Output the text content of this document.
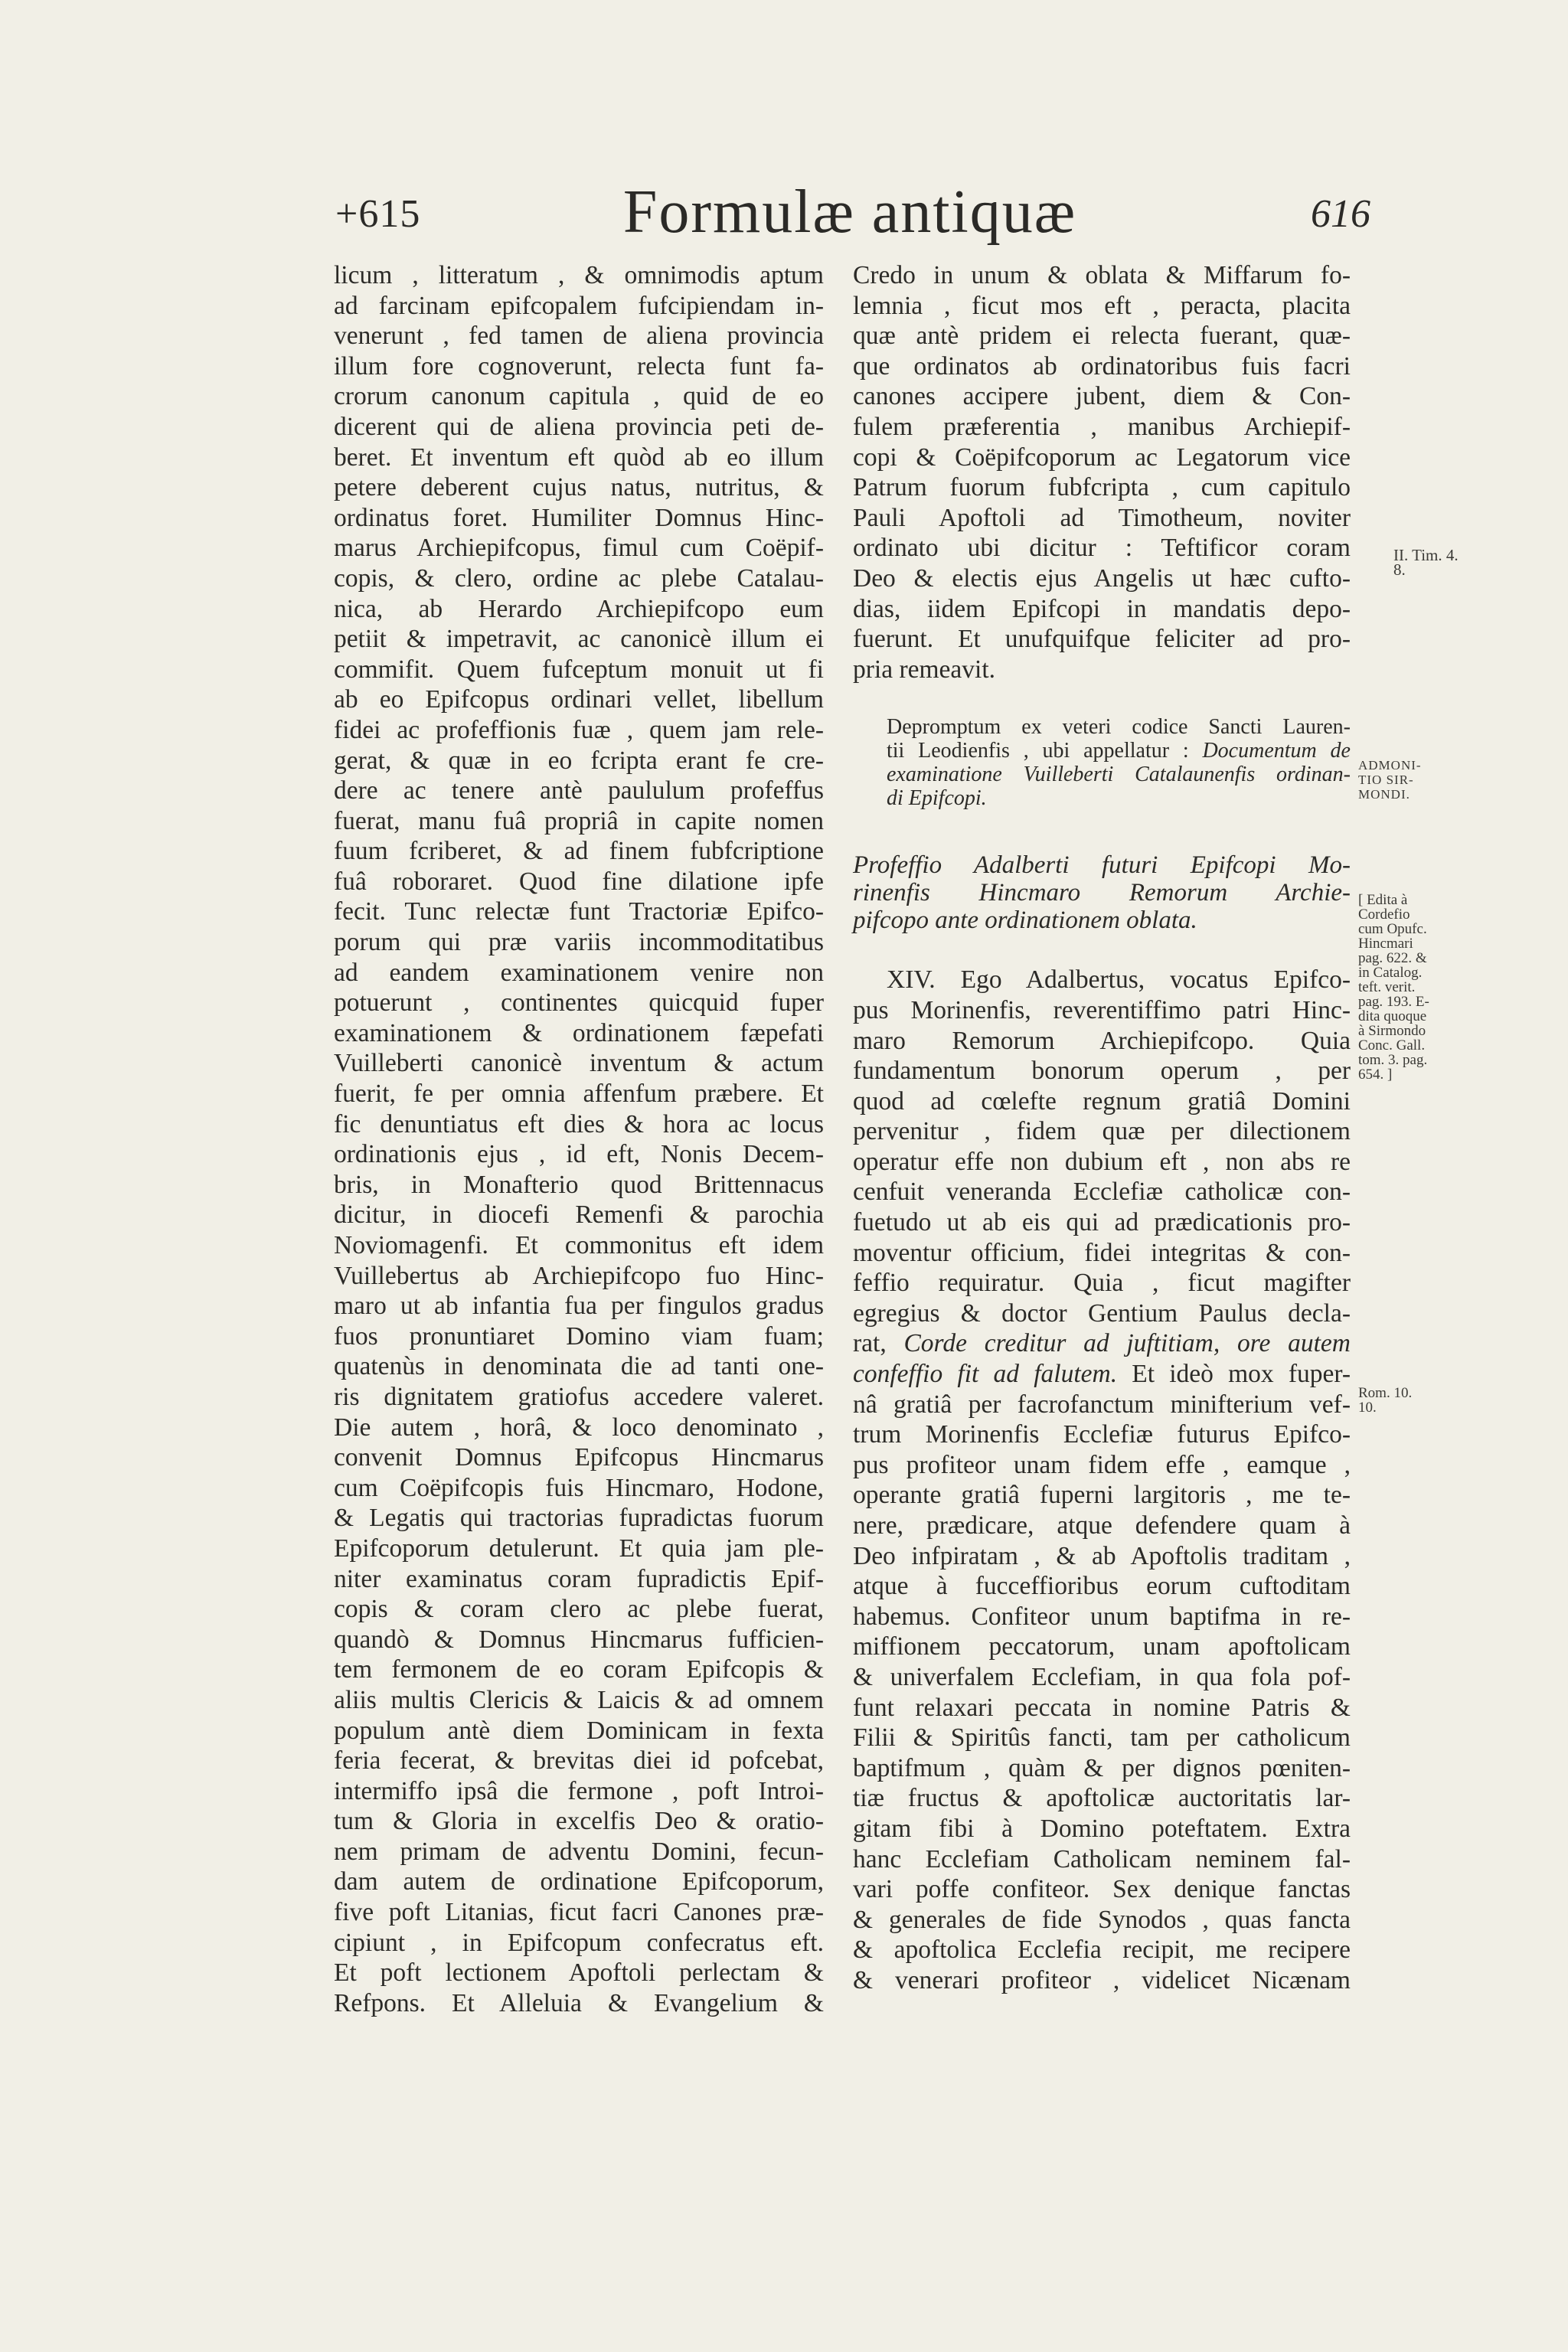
+615	Formulæ antiquæ	616

licum , litteratum , & omnimodis aptum
ad farcinam epifcopalem fufcipiendam in-
venerunt , fed tamen de aliena provincia
illum fore cognoverunt, relecta funt fa-
crorum canonum capitula , quid de eo
dicerent qui de aliena provincia peti de-
beret. Et inventum eft quòd ab eo illum
petere deberent cujus natus, nutritus, &
ordinatus foret. Humiliter Domnus Hinc-
marus Archiepifcopus, fimul cum Coëpif-
copis, & clero, ordine ac plebe Catalau-
nica, ab Herardo Archiepifcopo eum
petiit & impetravit, ac canonicè illum ei
commifit. Quem fufceptum monuit ut fi
ab eo Epifcopus ordinari vellet, libellum
fidei ac profeffionis fuæ , quem jam rele-
gerat, & quæ in eo fcripta erant fe cre-
dere ac tenere antè paululum profeffus
fuerat, manu fuâ propriâ in capite nomen
fuum fcriberet, & ad finem fubfcriptione
fuâ roboraret. Quod fine dilatione ipfe
fecit. Tunc relectæ funt Tractoriæ Epifco-
porum qui præ variis incommoditatibus
ad eandem examinationem venire non
potuerunt , continentes quicquid fuper
examinationem & ordinationem fæpefati
Vuilleberti canonicè inventum & actum
fuerit, fe per omnia affenfum præbere. Et
fic denuntiatus eft dies & hora ac locus
ordinationis ejus , id eft, Nonis Decem-
bris, in Monafterio quod Brittennacus
dicitur, in diocefi Remenfi & parochia
Noviomagenfi. Et commonitus eft idem
Vuillebertus ab Archiepifcopo fuo Hinc-
maro ut ab infantia fua per fingulos gradus
fuos pronuntiaret Domino viam fuam;
quatenùs in denominata die ad tanti one-
ris dignitatem gratiofus accedere valeret.
Die autem , horâ, & loco denominato ,
convenit Domnus Epifcopus Hincmarus
cum Coëpifcopis fuis Hincmaro, Hodone,
& Legatis qui tractorias fupradictas fuorum
Epifcoporum detulerunt. Et quia jam ple-
niter examinatus coram fupradictis Epif-
copis & coram clero ac plebe fuerat,
quandò & Domnus Hincmarus fufficien-
tem fermonem de eo coram Epifcopis &
aliis multis Clericis & Laicis & ad omnem
populum antè diem Dominicam in fexta
feria fecerat, & brevitas diei id pofcebat,
intermiffo ipsâ die fermone , poft Introi-
tum & Gloria in excelfis Deo & oratio-
nem primam de adventu Domini, fecun-
dam autem de ordinatione Epifcoporum,
five poft Litanias, ficut facri Canones præ-
cipiunt , in Epifcopum confecratus eft.
Et poft lectionem Apoftoli perlectam &
Refpons. Et Alleluia & Evangelium &

Credo in unum & oblata & Miffarum fo-
lemnia , ficut mos eft , peracta, placita
quæ antè pridem ei relecta fuerant, quæ-
que ordinatos ab ordinatoribus fuis facri
canones accipere jubent, diem & Con-
fulem præferentia , manibus Archiepif-
copi & Coëpifcoporum ac Legatorum vice
Patrum fuorum fubfcripta , cum capitulo
Pauli Apoftoli ad Timotheum, noviter
ordinato ubi dicitur : Teftificor coram
Deo & electis ejus Angelis ut hæc cufto-
dias, iidem Epifcopi in mandatis depo-
fuerunt. Et unufquifque feliciter ad pro-
pria remeavit.

Depromptum ex veteri codice Sancti Lauren-
tii Leodienfis , ubi appellatur : Documentum de
examinatione Vuilleberti Catalaunenfis ordinan-
di Epifcopi.

Profeffio Adalberti futuri Epifcopi Mo-
rinenfis Hincmaro Remorum Archie-
pifcopo ante ordinationem oblata.

XIV. Ego Adalbertus, vocatus Epifco-
pus Morinenfis, reverentiffimo patri Hinc-
maro Remorum Archiepifcopo. Quia
fundamentum bonorum operum , per
quod ad cœlefte regnum gratiâ Domini
pervenitur , fidem quæ per dilectionem
operatur effe non dubium eft , non abs re
cenfuit veneranda Ecclefiæ catholicæ con-
fuetudo ut ab eis qui ad prædicationis pro-
moventur officium, fidei integritas & con-
feffio requiratur. Quia , ficut magifter
egregius & doctor Gentium Paulus decla-
rat, Corde creditur ad juftitiam, ore autem
confeffio fit ad falutem. Et ideò mox fuper-
nâ gratiâ per facrofanctum minifterium vef-
trum Morinenfis Ecclefiæ futurus Epifco-
pus profiteor unam fidem effe , eamque ,
operante gratiâ fuperni largitoris , me te-
nere, prædicare, atque defendere quam à
Deo infpiratam , & ab Apoftolis traditam ,
atque à fucceffioribus eorum cuftoditam
habemus. Confiteor unum baptifma in re-
miffionem peccatorum, unam apoftolicam
& univerfalem Ecclefiam, in qua fola pof-
funt relaxari peccata in nomine Patris &
Filii & Spiritûs fancti, tam per catholicum
baptifmum , quàm & per dignos pœniten-
tiæ fructus & apoftolicæ auctoritatis lar-
gitam fibi à Domino poteftatem. Extra
hanc Ecclefiam Catholicam neminem fal-
vari poffe confiteor. Sex denique fanctas
& generales de fide Synodos , quas fancta
& apoftolica Ecclefia recipit, me recipere
& venerari profiteor , videlicet Nicænam

II. Tim. 4.
8.
ADMONI-
TIO SIR-
MONDI.
[ Edita à
Cordefio
cum Opufc.
Hincmari
pag. 622. &
in Catalog.
teft. verit.
pag. 193. E-
dita quoque
à Sirmondo
Conc. Gall.
tom. 3. pag.
654. ]
Rom. 10.
10.
